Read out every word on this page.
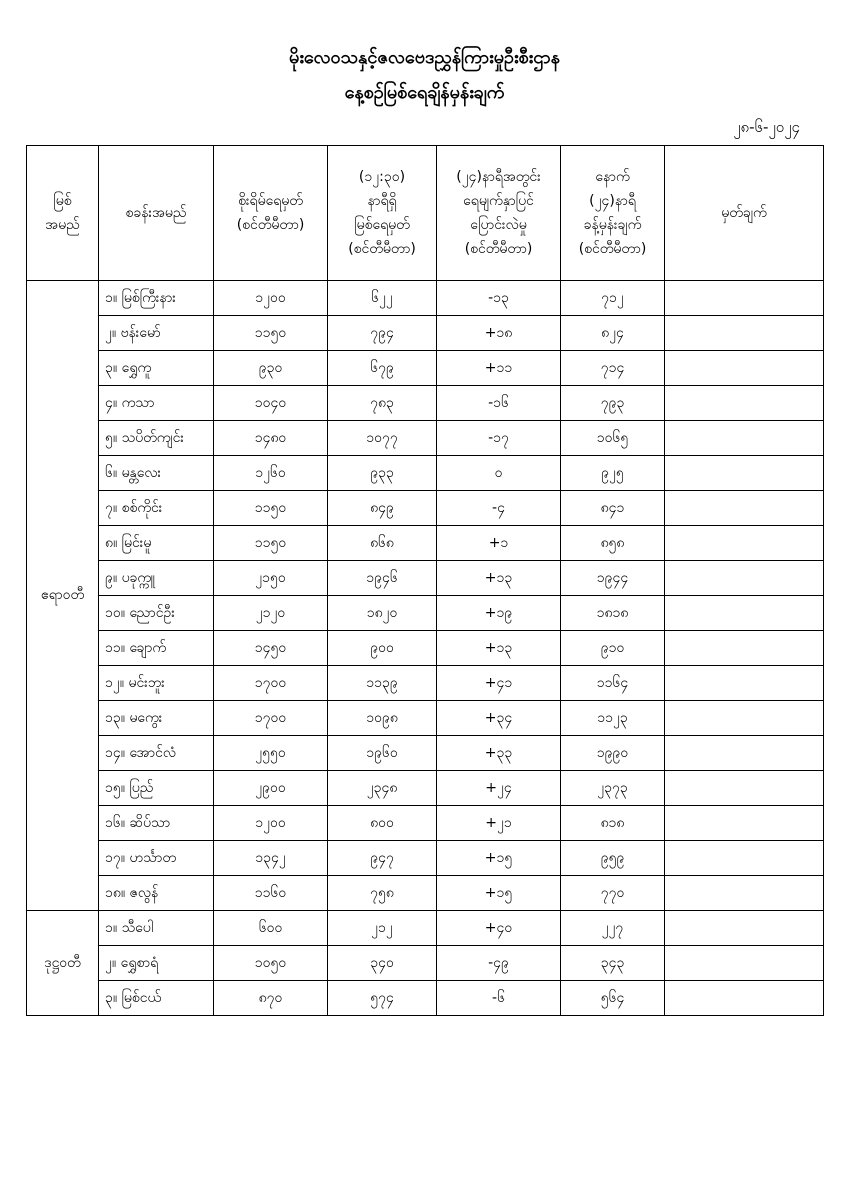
မိုးလေဝသနှင့်ဇလဗေဒညွှန်ကြားမှုဦးစီးဌာန
နေ့စဉ်မြစ်ရေချိန်မှန်းချက်
၂၈-၆-၂၀၂၄
မြစ်
အမည်	စခန်းအမည်	စိုးရိမ်ရေမှတ်
(စင်တီမီတာ)	(၁၂:၃၀)
နာရီရှိ
မြစ်ရေမှတ်
(စင်တီမီတာ)	(၂၄)နာရီအတွင်း
ရေမျက်နှာပြင်
ပြောင်းလဲမှု
(စင်တီမီတာ)	နောက်
(၂၄)နာရီ
ခန့်မှန်းချက်
(စင်တီမီတာ)	မှတ်ချက်
ဧရာဝတီ	၁။ မြစ်ကြီးနား	၁၂၀၀	၆၂၂	-၁၃	၇၁၂	
	၂။ ဗန်းမော်	၁၁၅၀	၇၉၄	+၁၈	၈၂၄	
	၃။ ရွှေကူ	၉၃၀	၆၇၉	+၁၁	၇၁၄	
	၄။ ကသာ	၁၀၄၀	၇၈၃	-၁၆	၇၉၃	
	၅။ သပိတ်ကျင်း	၁၄၈၀	၁၀၇၇	-၁၇	၁၀၆၅	
	၆။ မန္တလေး	၁၂၆၀	၉၃၃	၀	၉၂၅	
	၇။ စစ်ကိုင်း	၁၁၅၀	၈၄၉	-၄	၈၄၁	
	၈။ မြင်းမူ	၁၁၅၀	၈၆၈	+၁	၈၅၈	
	၉။ ပခုက္ကူ	၂၁၅၀	၁၉၄၆	+၁၃	၁၉၄၄	
	၁၀။ ညောင်ဦး	၂၁၂၀	၁၈၂၀	+၁၉	၁၈၁၈	
	၁၁။ ချောက်	၁၄၅၀	၉၀၀	+၁၃	၉၁၀	
	၁၂။ မင်းဘူး	၁၇၀၀	၁၁၃၉	+၄၁	၁၁၆၄	
	၁၃။ မကွေး	၁၇၀၀	၁၀၉၈	+၃၄	၁၁၂၃	
	၁၄။ အောင်လံ	၂၅၅၀	၁၉၆၀	+၃၃	၁၉၉၀	
	၁၅။ ပြည်	၂၉၀၀	၂၃၄၈	+၂၄	၂၃၇၃	
	၁၆။ ဆိပ်သာ	၁၂၀၀	၈၀၀	+၂၁	၈၁၈	
	၁၇။ ဟင်္သာတ	၁၃၄၂	၉၄၇	+၁၅	၉၅၉	
	၁၈။ ဇလွန်	၁၁၆၀	၇၅၈	+၁၅	၇၇၀	
ဒုဋ္ဌဝတီ	၁။ သီပေါ	၆၀၀	၂၁၂	+၄၀	၂၂၇	
	၂။ ရွှေစာရံ	၁၀၅၀	၃၄၀	-၄၉	၃၄၃	
	၃။ မြစ်ငယ်	၈၇၀	၅၇၄	-၆	၅၆၄	
